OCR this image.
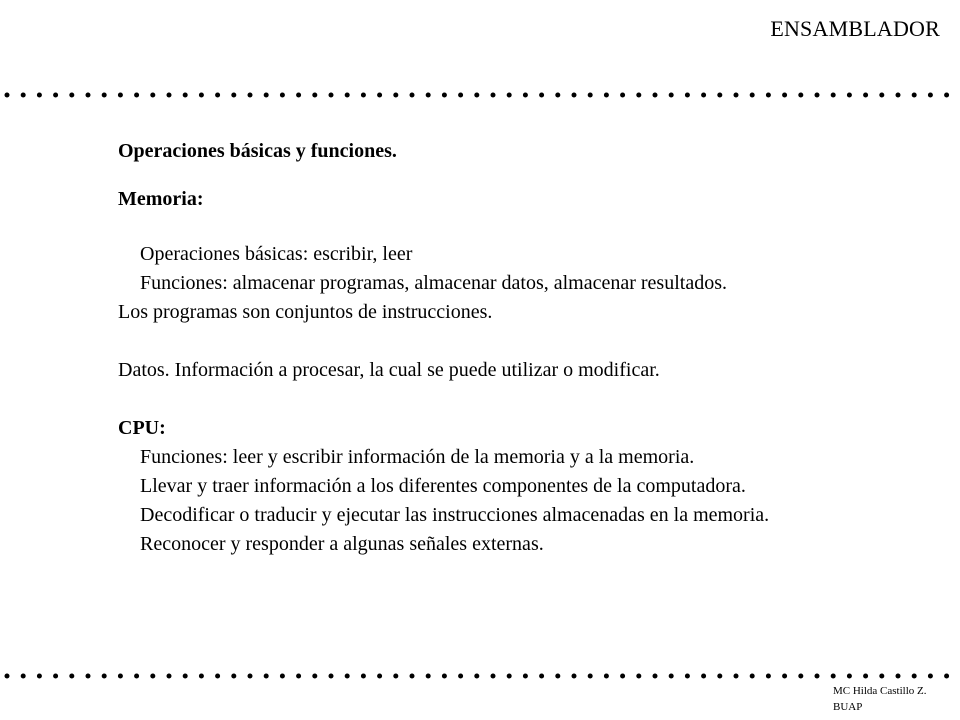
ENSAMBLADOR
Operaciones básicas y funciones.
Memoria:
Operaciones básicas: escribir, leer
Funciones: almacenar programas, almacenar datos, almacenar resultados.
Los programas son conjuntos de instrucciones.
Datos. Información a procesar, la cual se puede utilizar o modificar.
CPU:
Funciones: leer y escribir información de la memoria y a la memoria.
Llevar y traer información a los diferentes componentes de la computadora.
Decodificar o traducir y ejecutar las instrucciones almacenadas en la memoria.
Reconocer y responder a algunas señales externas.
MC Hilda Castillo Z.
BUAP
